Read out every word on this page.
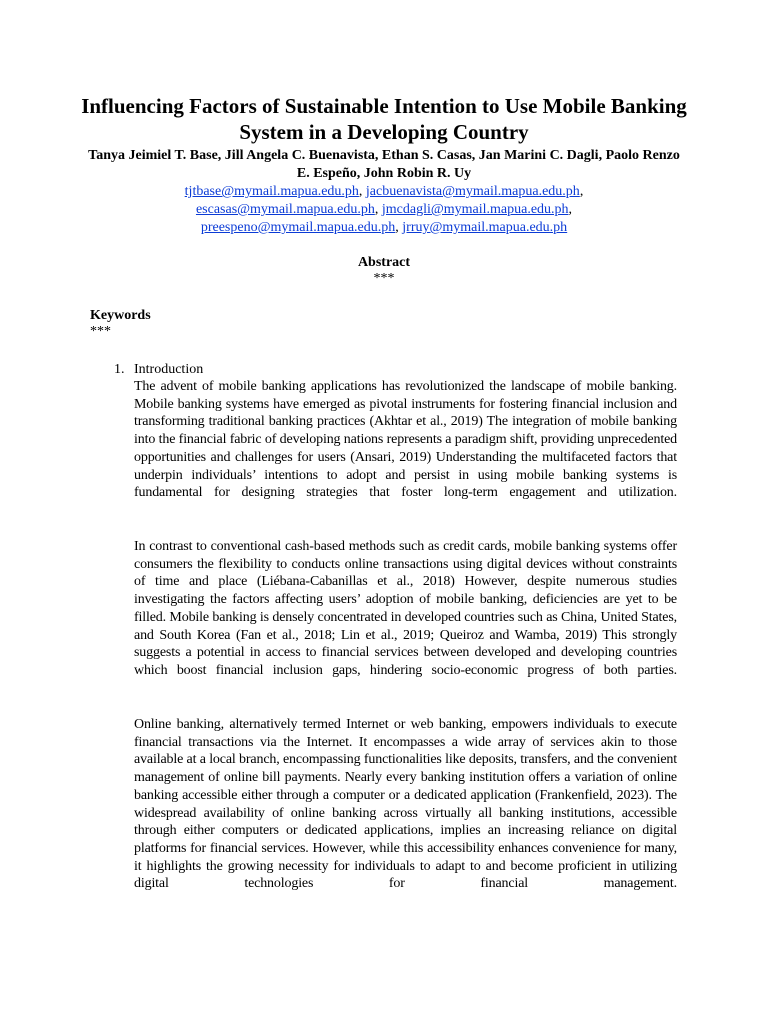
Influencing Factors of Sustainable Intention to Use Mobile Banking System in a Developing Country
Tanya Jeimiel T. Base, Jill Angela C. Buenavista, Ethan S. Casas, Jan Marini C. Dagli, Paolo Renzo E. Espeño, John Robin R. Uy
tjtbase@mymail.mapua.edu.ph, jacbuenavista@mymail.mapua.edu.ph,
escasas@mymail.mapua.edu.ph, jmcdagli@mymail.mapua.edu.ph,
preespeno@mymail.mapua.edu.ph, jrruy@mymail.mapua.edu.ph
Abstract
***
Keywords
***
1. Introduction

The advent of mobile banking applications has revolutionized the landscape of mobile banking. Mobile banking systems have emerged as pivotal instruments for fostering financial inclusion and transforming traditional banking practices (Akhtar et al., 2019) The integration of mobile banking into the financial fabric of developing nations represents a paradigm shift, providing unprecedented opportunities and challenges for users (Ansari, 2019) Understanding the multifaceted factors that underpin individuals’ intentions to adopt and persist in using mobile banking systems is fundamental for designing strategies that foster long-term engagement and utilization.

In contrast to conventional cash-based methods such as credit cards, mobile banking systems offer consumers the flexibility to conducts online transactions using digital devices without constraints of time and place (Liébana-Cabanillas et al., 2018) However, despite numerous studies investigating the factors affecting users’ adoption of mobile banking, deficiencies are yet to be filled. Mobile banking is densely concentrated in developed countries such as China, United States, and South Korea (Fan et al., 2018; Lin et al., 2019; Queiroz and Wamba, 2019) This strongly suggests a potential in access to financial services between developed and developing countries which boost financial inclusion gaps, hindering socio-economic progress of both parties.

Online banking, alternatively termed Internet or web banking, empowers individuals to execute financial transactions via the Internet. It encompasses a wide array of services akin to those available at a local branch, encompassing functionalities like deposits, transfers, and the convenient management of online bill payments. Nearly every banking institution offers a variation of online banking accessible either through a computer or a dedicated application (Frankenfield, 2023). The widespread availability of online banking across virtually all banking institutions, accessible through either computers or dedicated applications, implies an increasing reliance on digital platforms for financial services. However, while this accessibility enhances convenience for many, it highlights the growing necessity for individuals to adapt to and become proficient in utilizing digital technologies for financial management.
